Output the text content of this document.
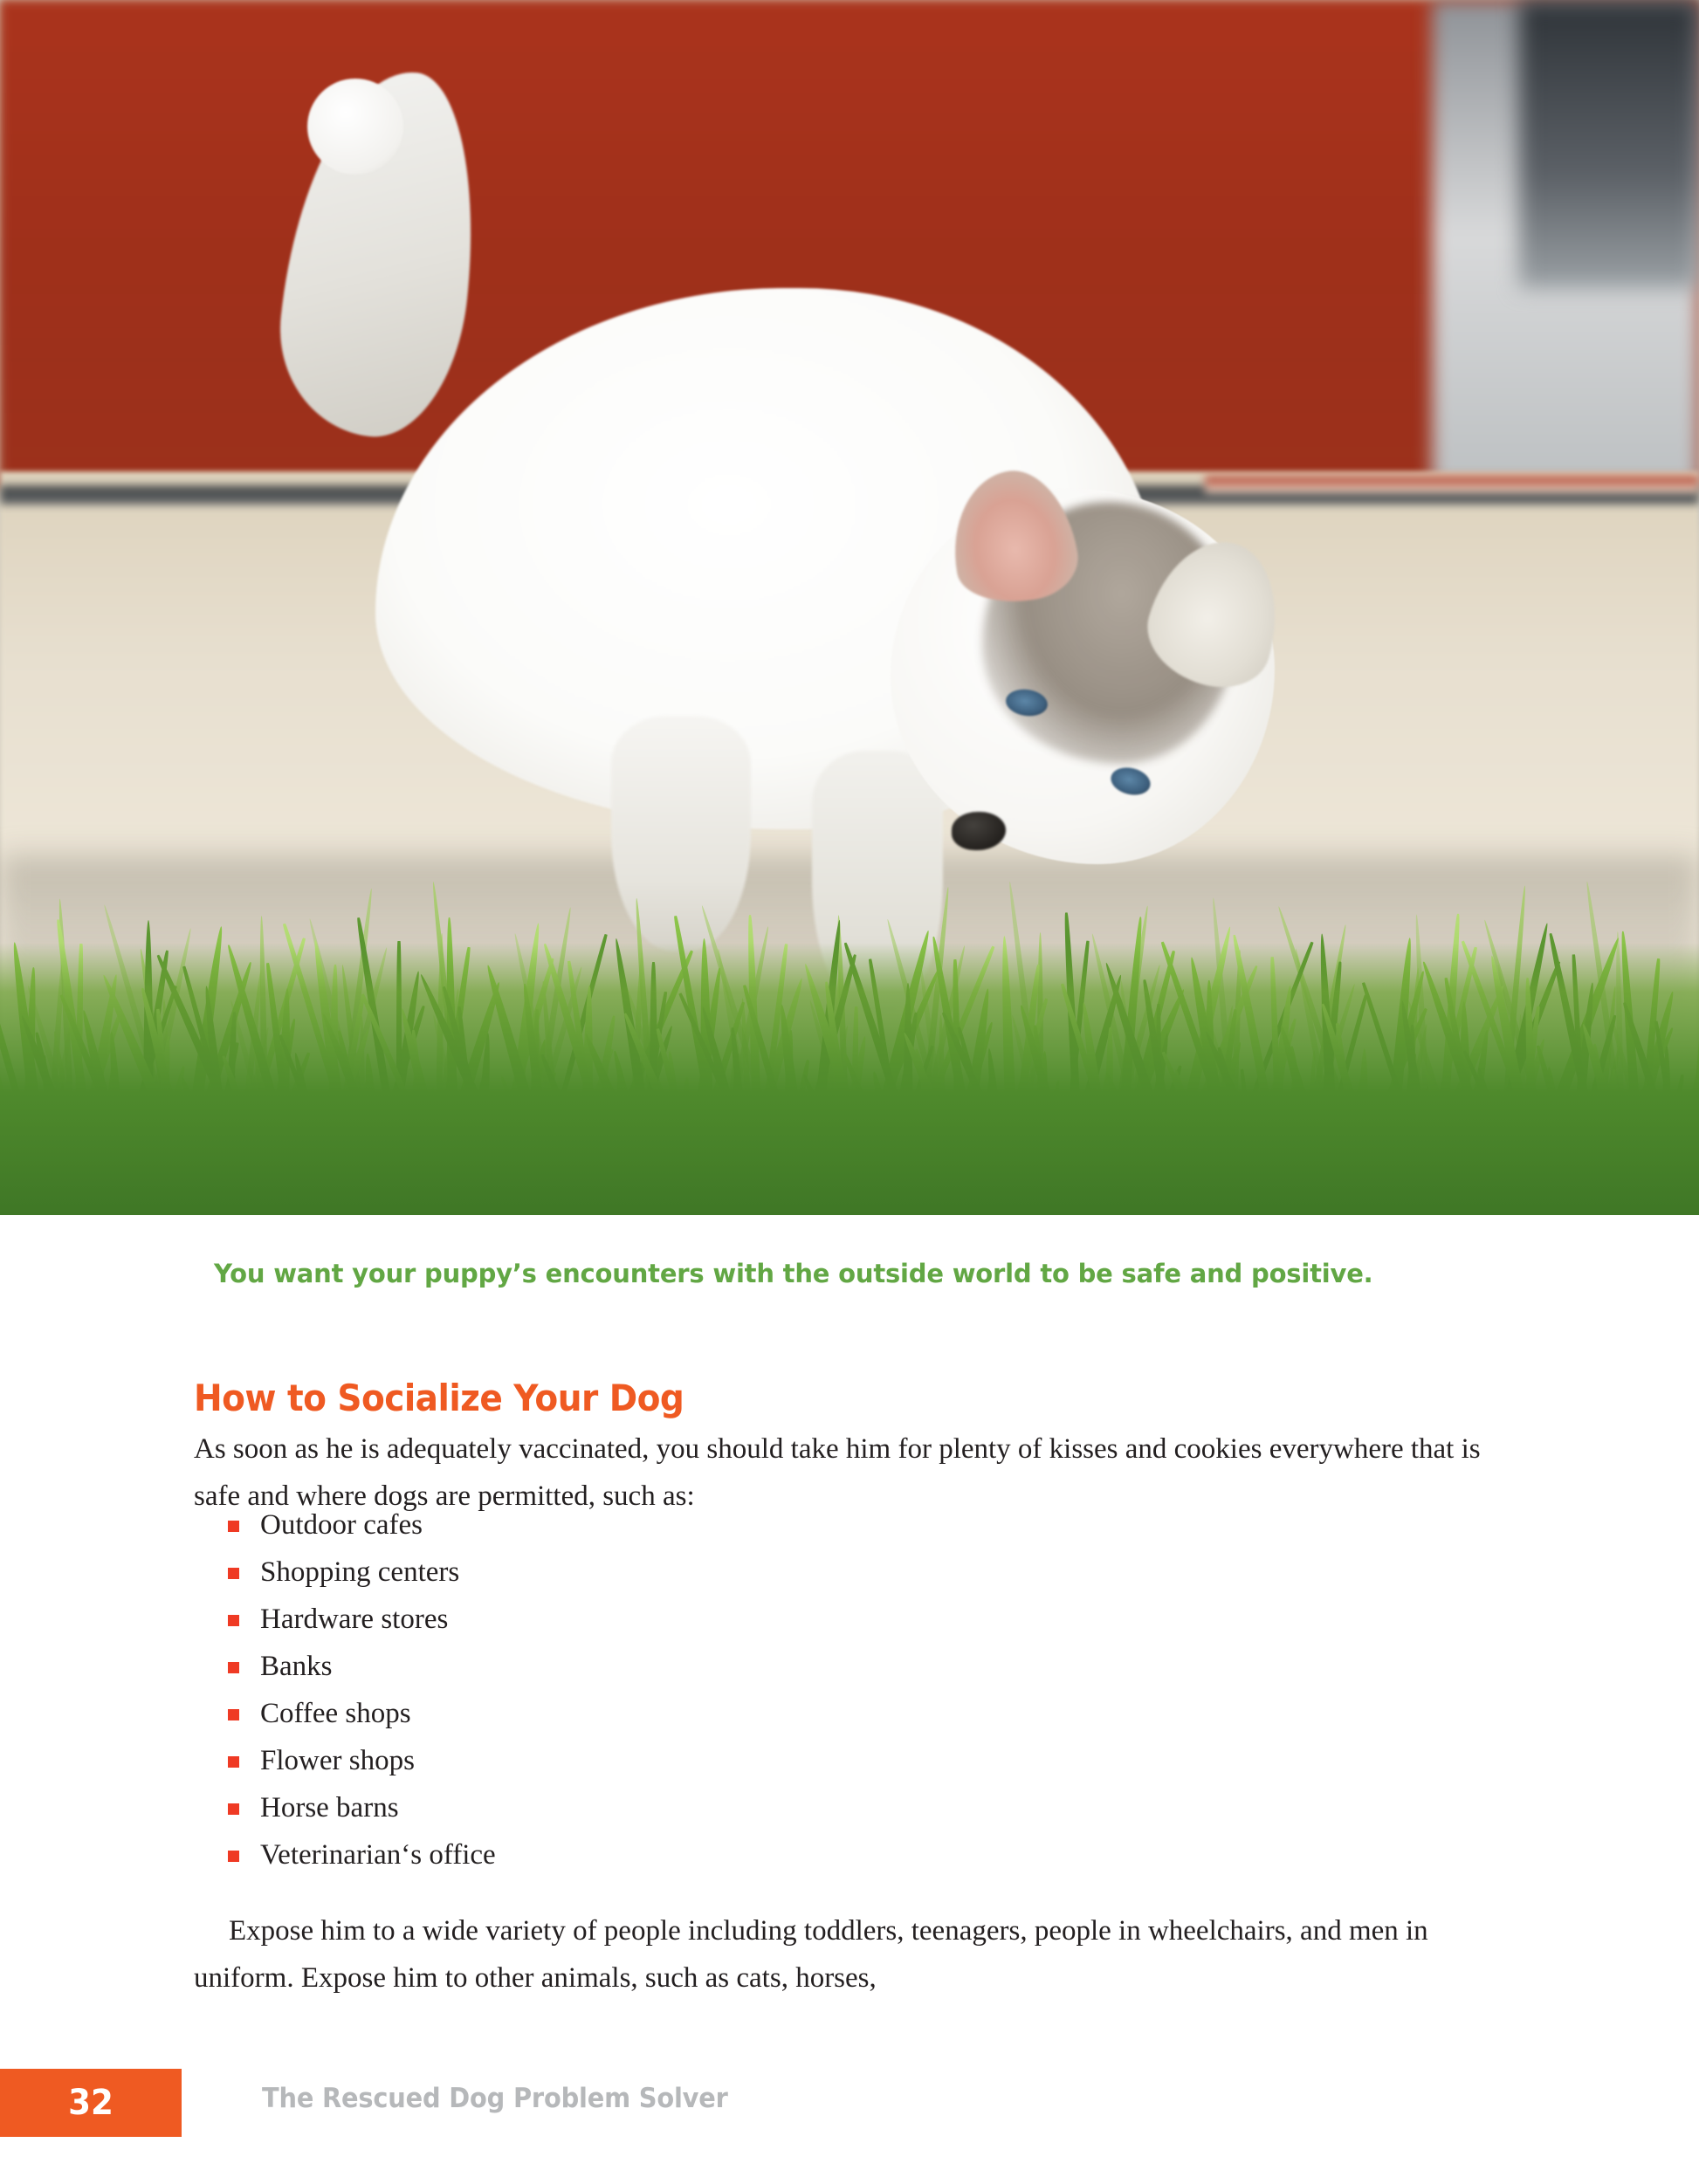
You want your puppy’s encounters with the outside world to be safe and positive.
How to Socialize Your Dog

As soon as he is adequately vaccinated, you should take him for plenty of kisses and cookies everywhere that is safe and where dogs are permitted, such as:

Outdoor cafes
Shopping centers
Hardware stores
Banks
Coffee shops
Flower shops
Horse barns
Veterinarian‘s office

Expose him to a wide variety of people including toddlers, teenagers, people in wheelchairs, and men in uniform. Expose him to other animals, such as cats, horses,

32	The Rescued Dog Problem Solver
